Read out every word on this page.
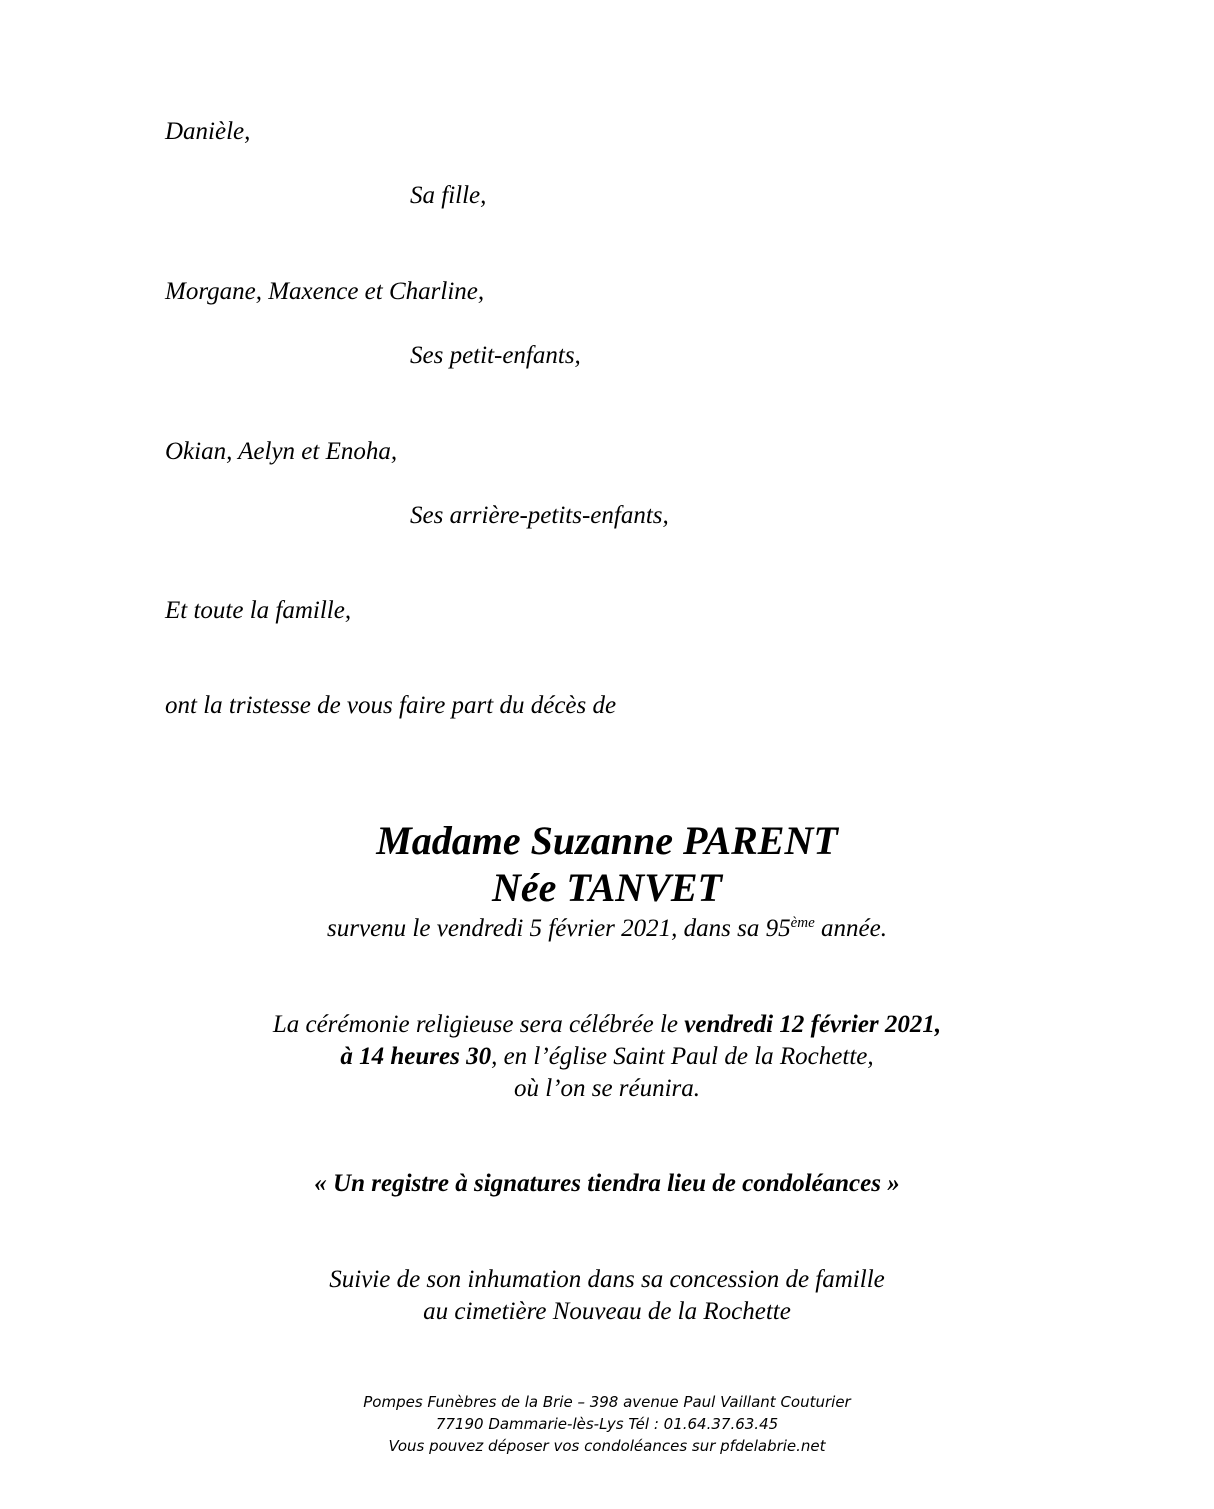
Danièle,
Sa fille,
Morgane, Maxence et Charline,
Ses petit-enfants,
Okian, Aelyn et Enoha,
Ses arrière-petits-enfants,
Et toute la famille,
ont la tristesse de vous faire part du décès de
Madame Suzanne PARENT
Née TANVET
survenu le vendredi 5 février 2021, dans sa 95ème année.
La cérémonie religieuse sera célébrée le vendredi 12 février 2021,
à 14 heures 30, en l’église Saint Paul de la Rochette,
où l’on se réunira.
« Un registre à signatures tiendra lieu de condoléances »
Suivie de son inhumation dans sa concession de famille
au cimetière Nouveau de la Rochette
Pompes Funèbres de la Brie – 398 avenue Paul Vaillant Couturier
77190 Dammarie-lès-Lys Tél : 01.64.37.63.45
Vous pouvez déposer vos condoléances sur pfdelabrie.net
